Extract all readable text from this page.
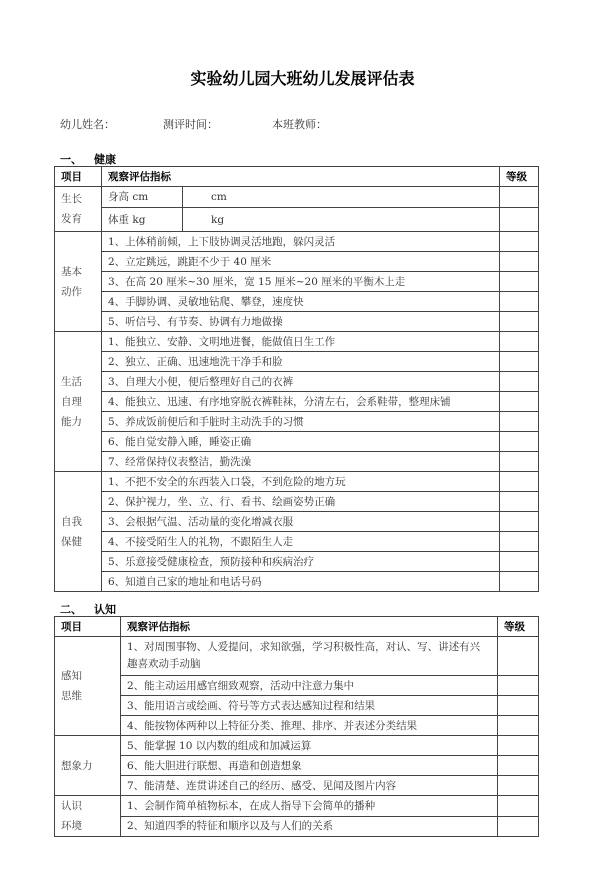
实验幼儿园大班幼儿发展评估表
幼儿姓名：	测评时间：	本班教师：
一、 健康
项目	观察评估指标		等级

生长
发育	身高 cm	cm	
	体重 kg	kg	

基本
动作	1、上体稍前倾，上下肢协调灵活地跑，躲闪灵活		
	2、立定跳远，跳距不少于 40 厘米		
	3、在高 20 厘米~30 厘米，宽 15 厘米~20 厘米的平衡木上走		
	4、手脚协调、灵敏地钻爬、攀登，速度快		
	5、听信号、有节奏、协调有力地做操		

生活
自理
能力	1、能独立、安静、文明地进餐，能做值日生工作		
	2、独立、正确、迅速地洗干净手和脸		
	3、自理大小便，便后整理好自己的衣裤		
	4、能独立、迅速、有序地穿脱衣裤鞋袜，分清左右，会系鞋带，整理床铺		
	5、养成饭前便后和手脏时主动洗手的习惯		
	6、能自觉安静入睡，睡姿正确		
	7、经常保持仪表整洁，勤洗澡		

自我
保健	1、不把不安全的东西装入口袋，不到危险的地方玩		
	2、保护视力，坐、立、行、看书、绘画姿势正确		
	3、会根据气温、活动量的变化增减衣服		
	4、不接受陌生人的礼物，不跟陌生人走		
	5、乐意接受健康检查，预防接种和疾病治疗		
	6、知道自己家的地址和电话号码		
二、 认知
项目	观察评估指标	等级

感知
思维	1、对周围事物、人爱提问，求知欲强，学习积极性高，对认、写、讲述有兴趣喜欢动手动脑	
	2、能主动运用感官细致观察，活动中注意力集中	
	3、能用语言或绘画、符号等方式表达感知过程和结果	
	4、能按物体两种以上特征分类、推理、排序、并表述分类结果	

想象力	5、能掌握 10 以内数的组成和加减运算	
	6、能大胆进行联想、再造和创造想象	
	7、能清楚、连贯讲述自己的经历、感受、见闻及图片内容	

认识
环境	1、会制作简单植物标本，在成人指导下会简单的播种	
	2、知道四季的特征和顺序以及与人们的关系	
